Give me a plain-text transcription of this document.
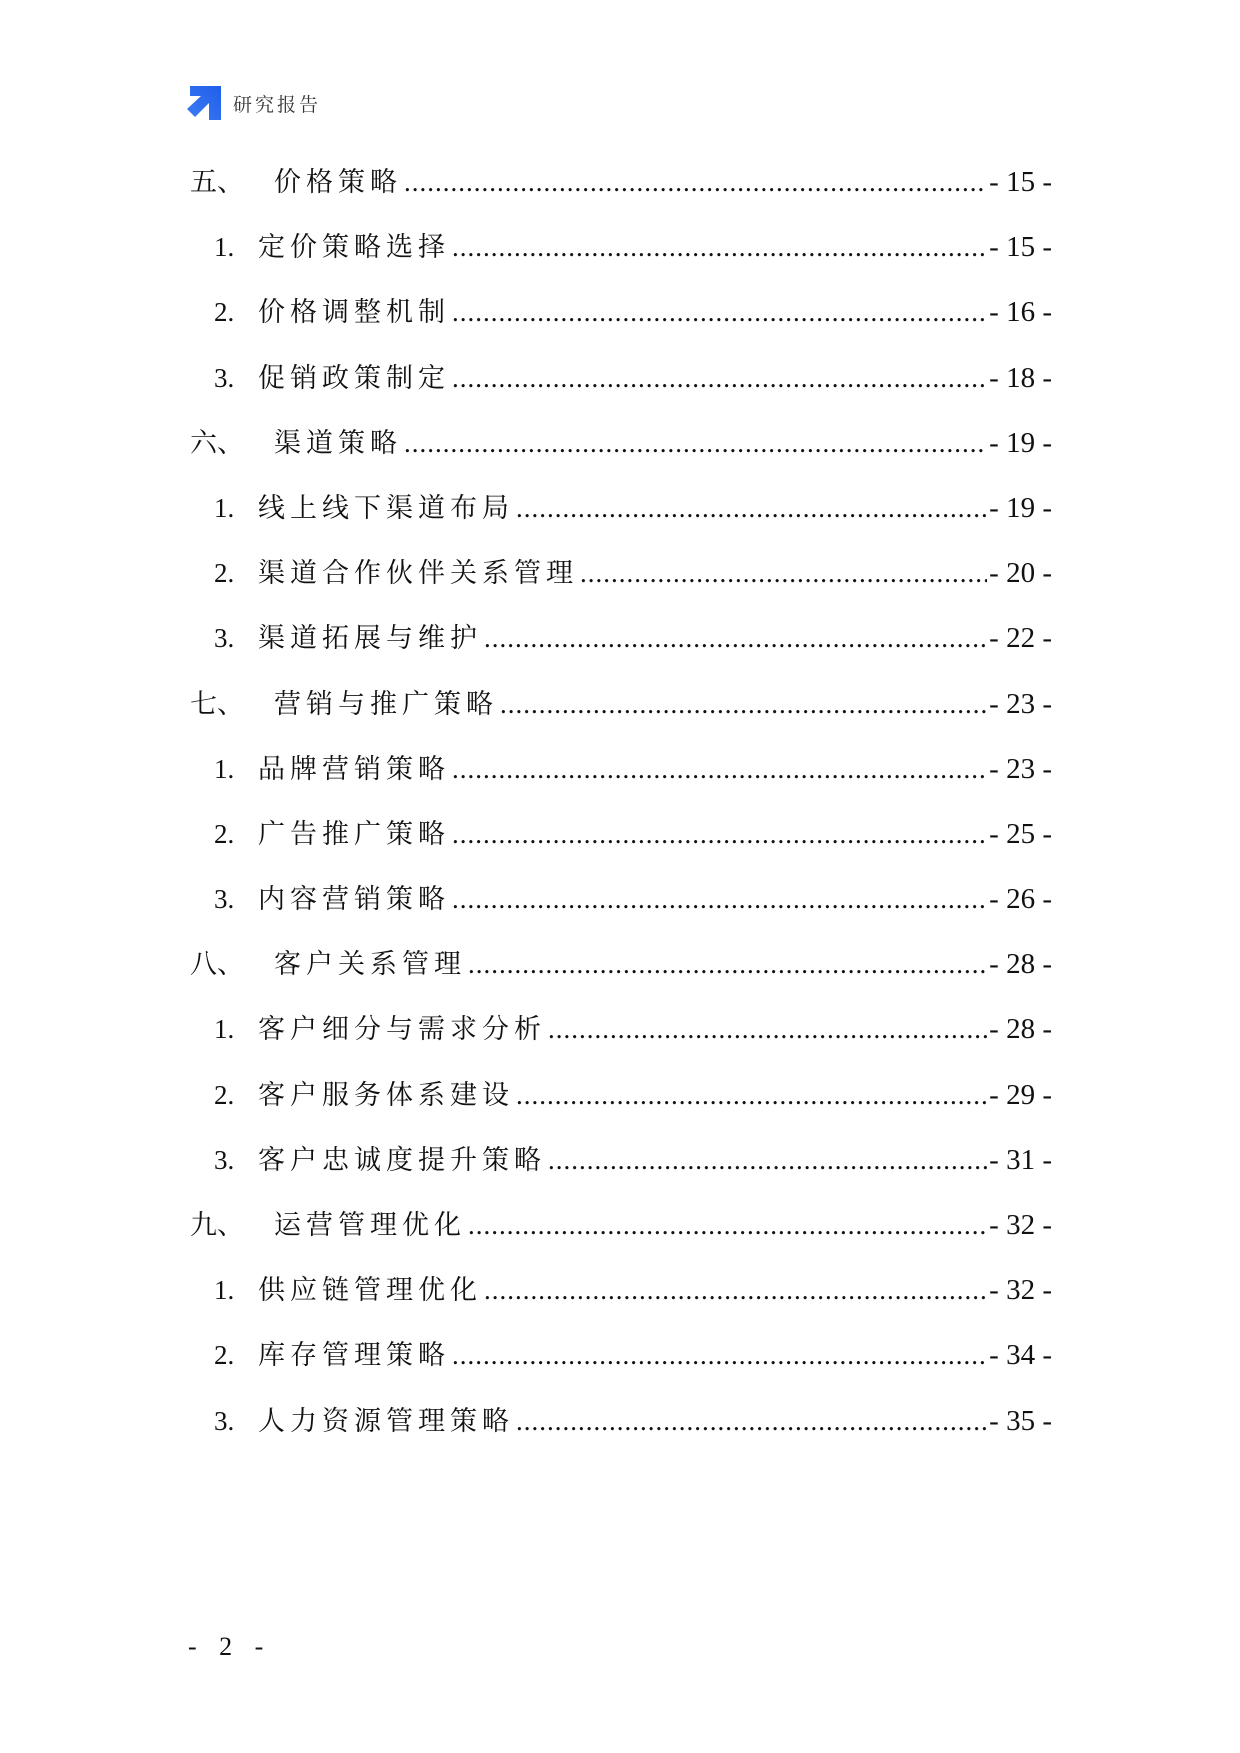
研究报告
五、	价格策略 .....	- 15 -
1. 定价策略选择 .....	- 15 -
2. 价格调整机制 .....	- 16 -
3. 促销政策制定 .....	- 18 -
六、	渠道策略 .....	- 19 -
1. 线上线下渠道布局 .....	- 19 -
2. 渠道合作伙伴关系管理 .....	- 20 -
3. 渠道拓展与维护 .....	- 22 -
七、	营销与推广策略 .....	- 23 -
1. 品牌营销策略 .....	- 23 -
2. 广告推广策略 .....	- 25 -
3. 内容营销策略 .....	- 26 -
八、	客户关系管理 .....	- 28 -
1. 客户细分与需求分析 .....	- 28 -
2. 客户服务体系建设 .....	- 29 -
3. 客户忠诚度提升策略 .....	- 31 -
九、	运营管理优化 .....	- 32 -
1. 供应链管理优化 .....	- 32 -
2. 库存管理策略 .....	- 34 -
3. 人力资源管理策略 .....	- 35 -
- 2 -
